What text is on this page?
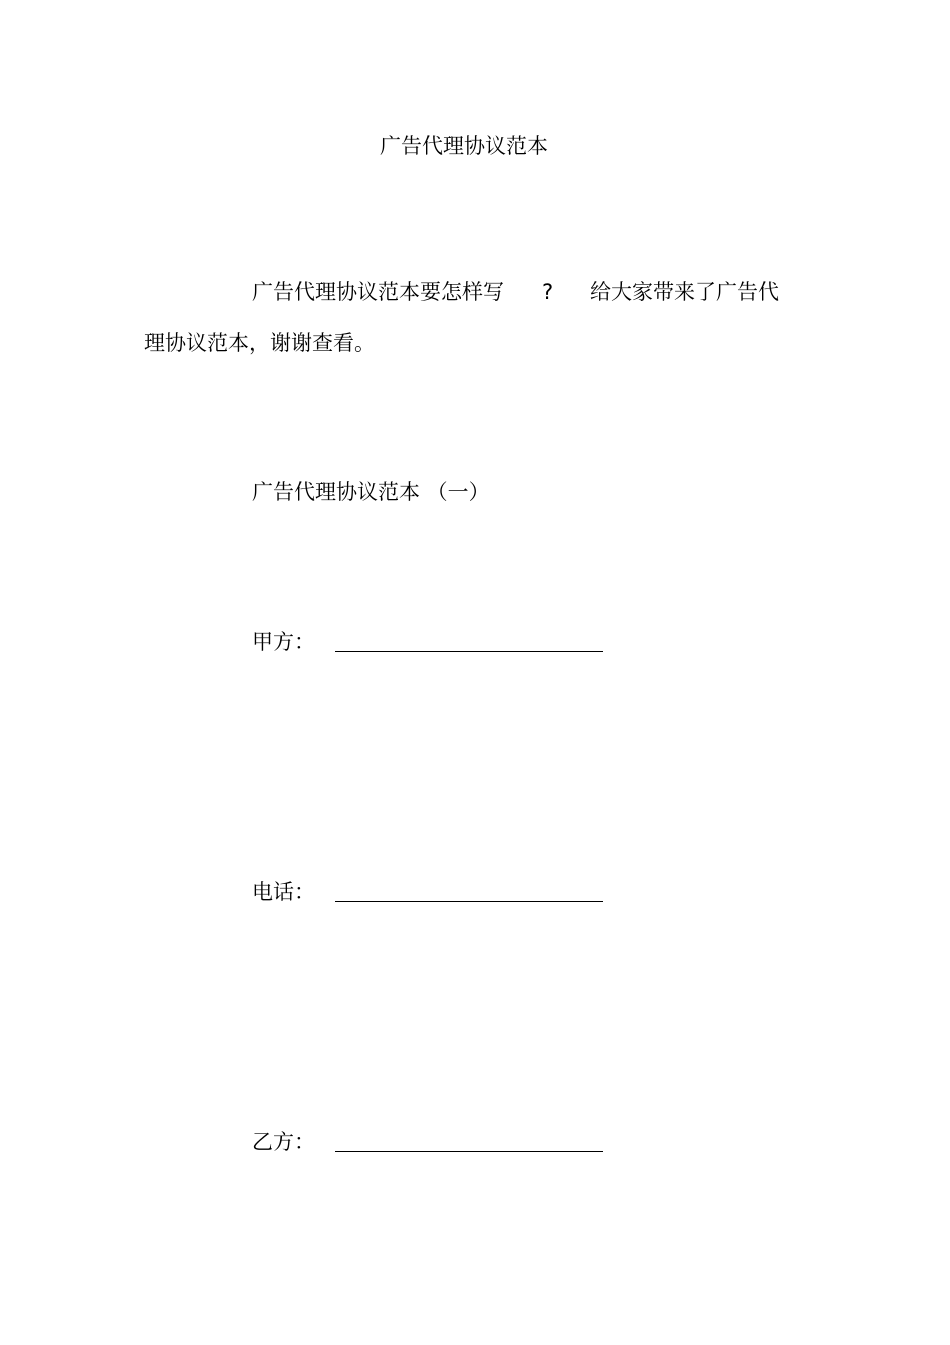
广告代理协议范本
广告代理协议范本要怎样写 ? 给大家带来了广告代
理协议范本，谢谢查看。
广告代理协议范本 （一）
甲方：
电话：
乙方：
